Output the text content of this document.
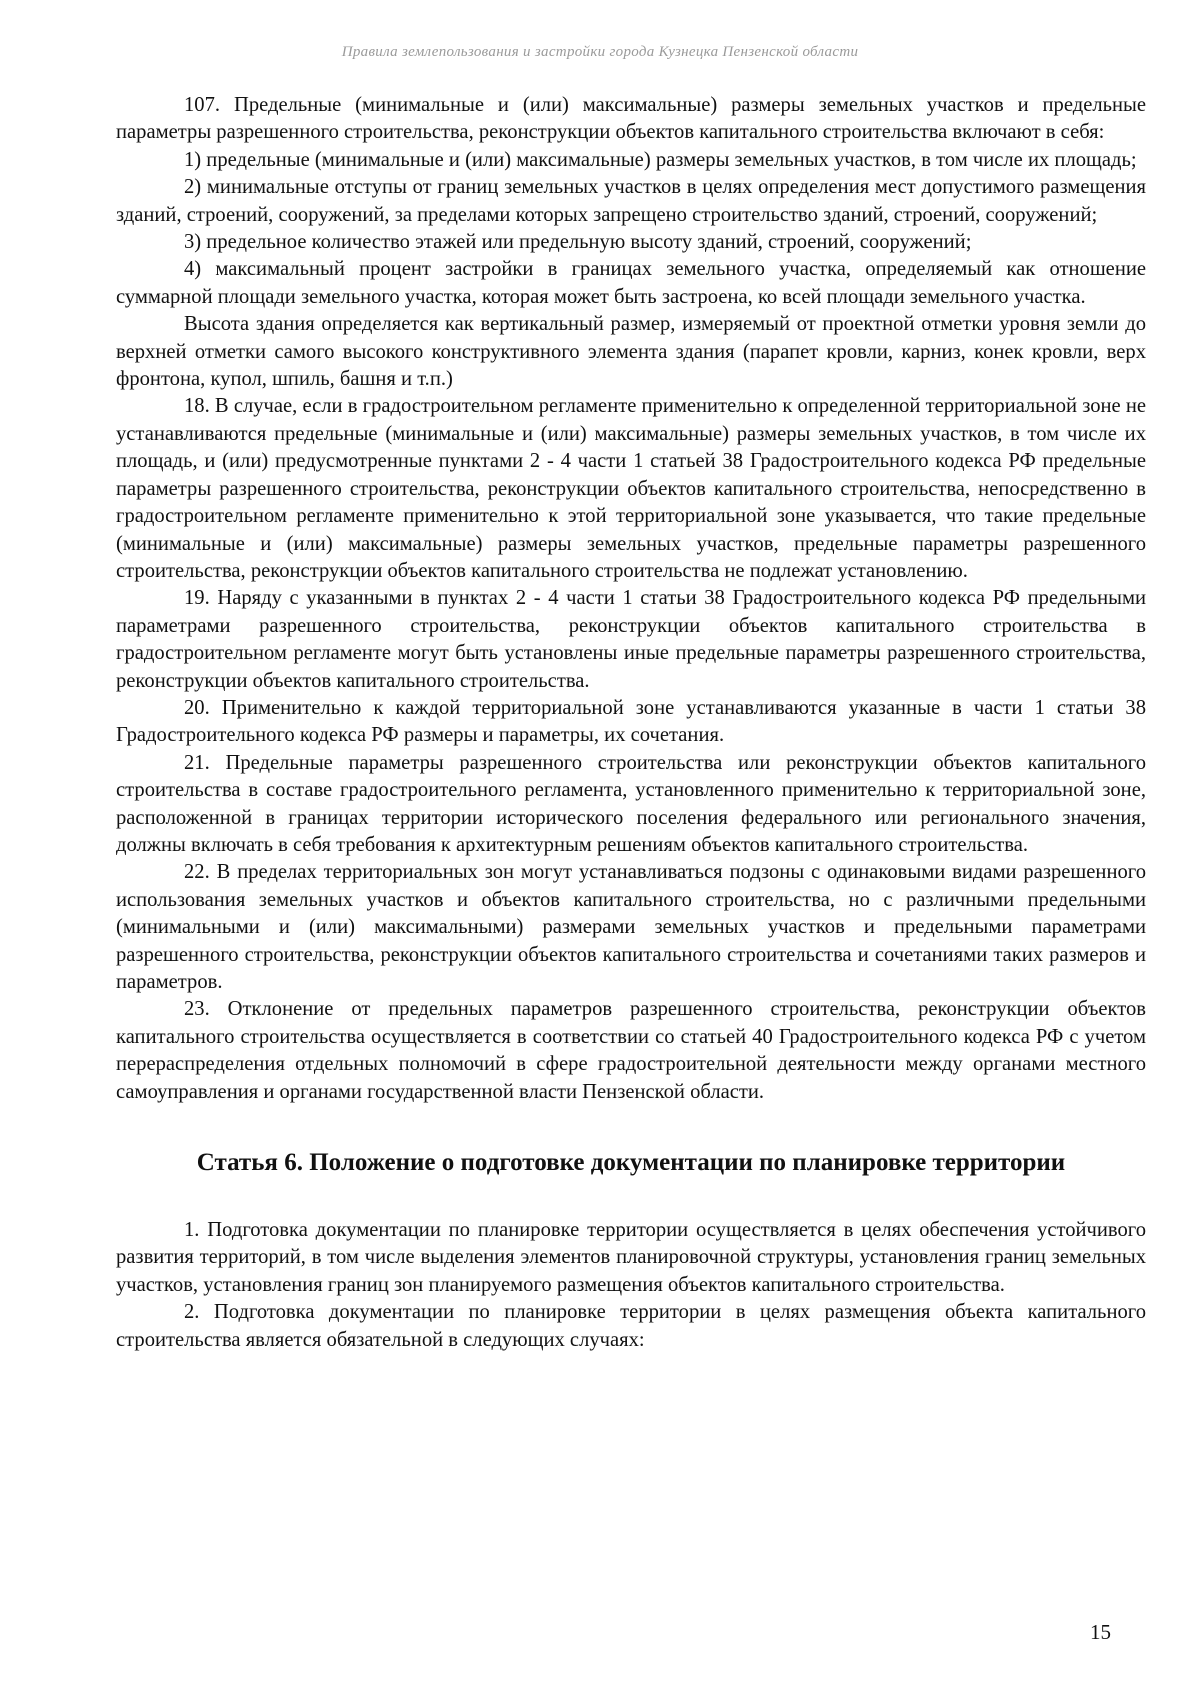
Правила землепользования и застройки города Кузнецка Пензенской области

107. Предельные (минимальные и (или) максимальные) размеры земельных участков и предельные параметры разрешенного строительства, реконструкции объектов капитального строительства включают в себя:

1) предельные (минимальные и (или) максимальные) размеры земельных участков, в том числе их площадь;

2) минимальные отступы от границ земельных участков в целях определения мест допустимого размещения зданий, строений, сооружений, за пределами которых запрещено строительство зданий, строений, сооружений;

3) предельное количество этажей или предельную высоту зданий, строений, сооружений;

4) максимальный процент застройки в границах земельного участка, определяемый как отношение суммарной площади земельного участка, которая может быть застроена, ко всей площади земельного участка.

Высота здания определяется как вертикальный размер, измеряемый от проектной отметки уровня земли до верхней отметки самого высокого конструктивного элемента здания (парапет кровли, карниз, конек кровли, верх фронтона, купол, шпиль, башня и т.п.)

18. В случае, если в градостроительном регламенте применительно к определенной территориальной зоне не устанавливаются предельные (минимальные и (или) максимальные) размеры земельных участков, в том числе их площадь, и (или) предусмотренные пунктами 2 - 4 части 1 статьей 38 Градостроительного кодекса РФ предельные параметры разрешенного строительства, реконструкции объектов капитального строительства, непосредственно в градостроительном регламенте применительно к этой территориальной зоне указывается, что такие предельные (минимальные и (или) максимальные) размеры земельных участков, предельные параметры разрешенного строительства, реконструкции объектов капитального строительства не подлежат установлению.

19. Наряду с указанными в пунктах 2 - 4 части 1 статьи 38 Градостроительного кодекса РФ предельными параметрами разрешенного строительства, реконструкции объектов капитального строительства в градостроительном регламенте могут быть установлены иные предельные параметры разрешенного строительства, реконструкции объектов капитального строительства.

20. Применительно к каждой территориальной зоне устанавливаются указанные в части 1 статьи 38 Градостроительного кодекса РФ размеры и параметры, их сочетания.

21. Предельные параметры разрешенного строительства или реконструкции объектов капитального строительства в составе градостроительного регламента, установленного применительно к территориальной зоне, расположенной в границах территории исторического поселения федерального или регионального значения, должны включать в себя требования к архитектурным решениям объектов капитального строительства.

22. В пределах территориальных зон могут устанавливаться подзоны с одинаковыми видами разрешенного использования земельных участков и объектов капитального строительства, но с различными предельными (минимальными и (или) максимальными) размерами земельных участков и предельными параметрами разрешенного строительства, реконструкции объектов капитального строительства и сочетаниями таких размеров и параметров.

23. Отклонение от предельных параметров разрешенного строительства, реконструкции объектов капитального строительства осуществляется в соответствии со статьей 40 Градостроительного кодекса РФ с учетом перераспределения отдельных полномочий в сфере градостроительной деятельности между органами местного самоуправления и органами государственной власти Пензенской области.

Статья 6. Положение о подготовке документации по планировке территории

1. Подготовка документации по планировке территории осуществляется в целях обеспечения устойчивого развития территорий, в том числе выделения элементов планировочной структуры, установления границ земельных участков, установления границ зон планируемого размещения объектов капитального строительства.

2. Подготовка документации по планировке территории в целях размещения объекта капитального строительства является обязательной в следующих случаях:

15
